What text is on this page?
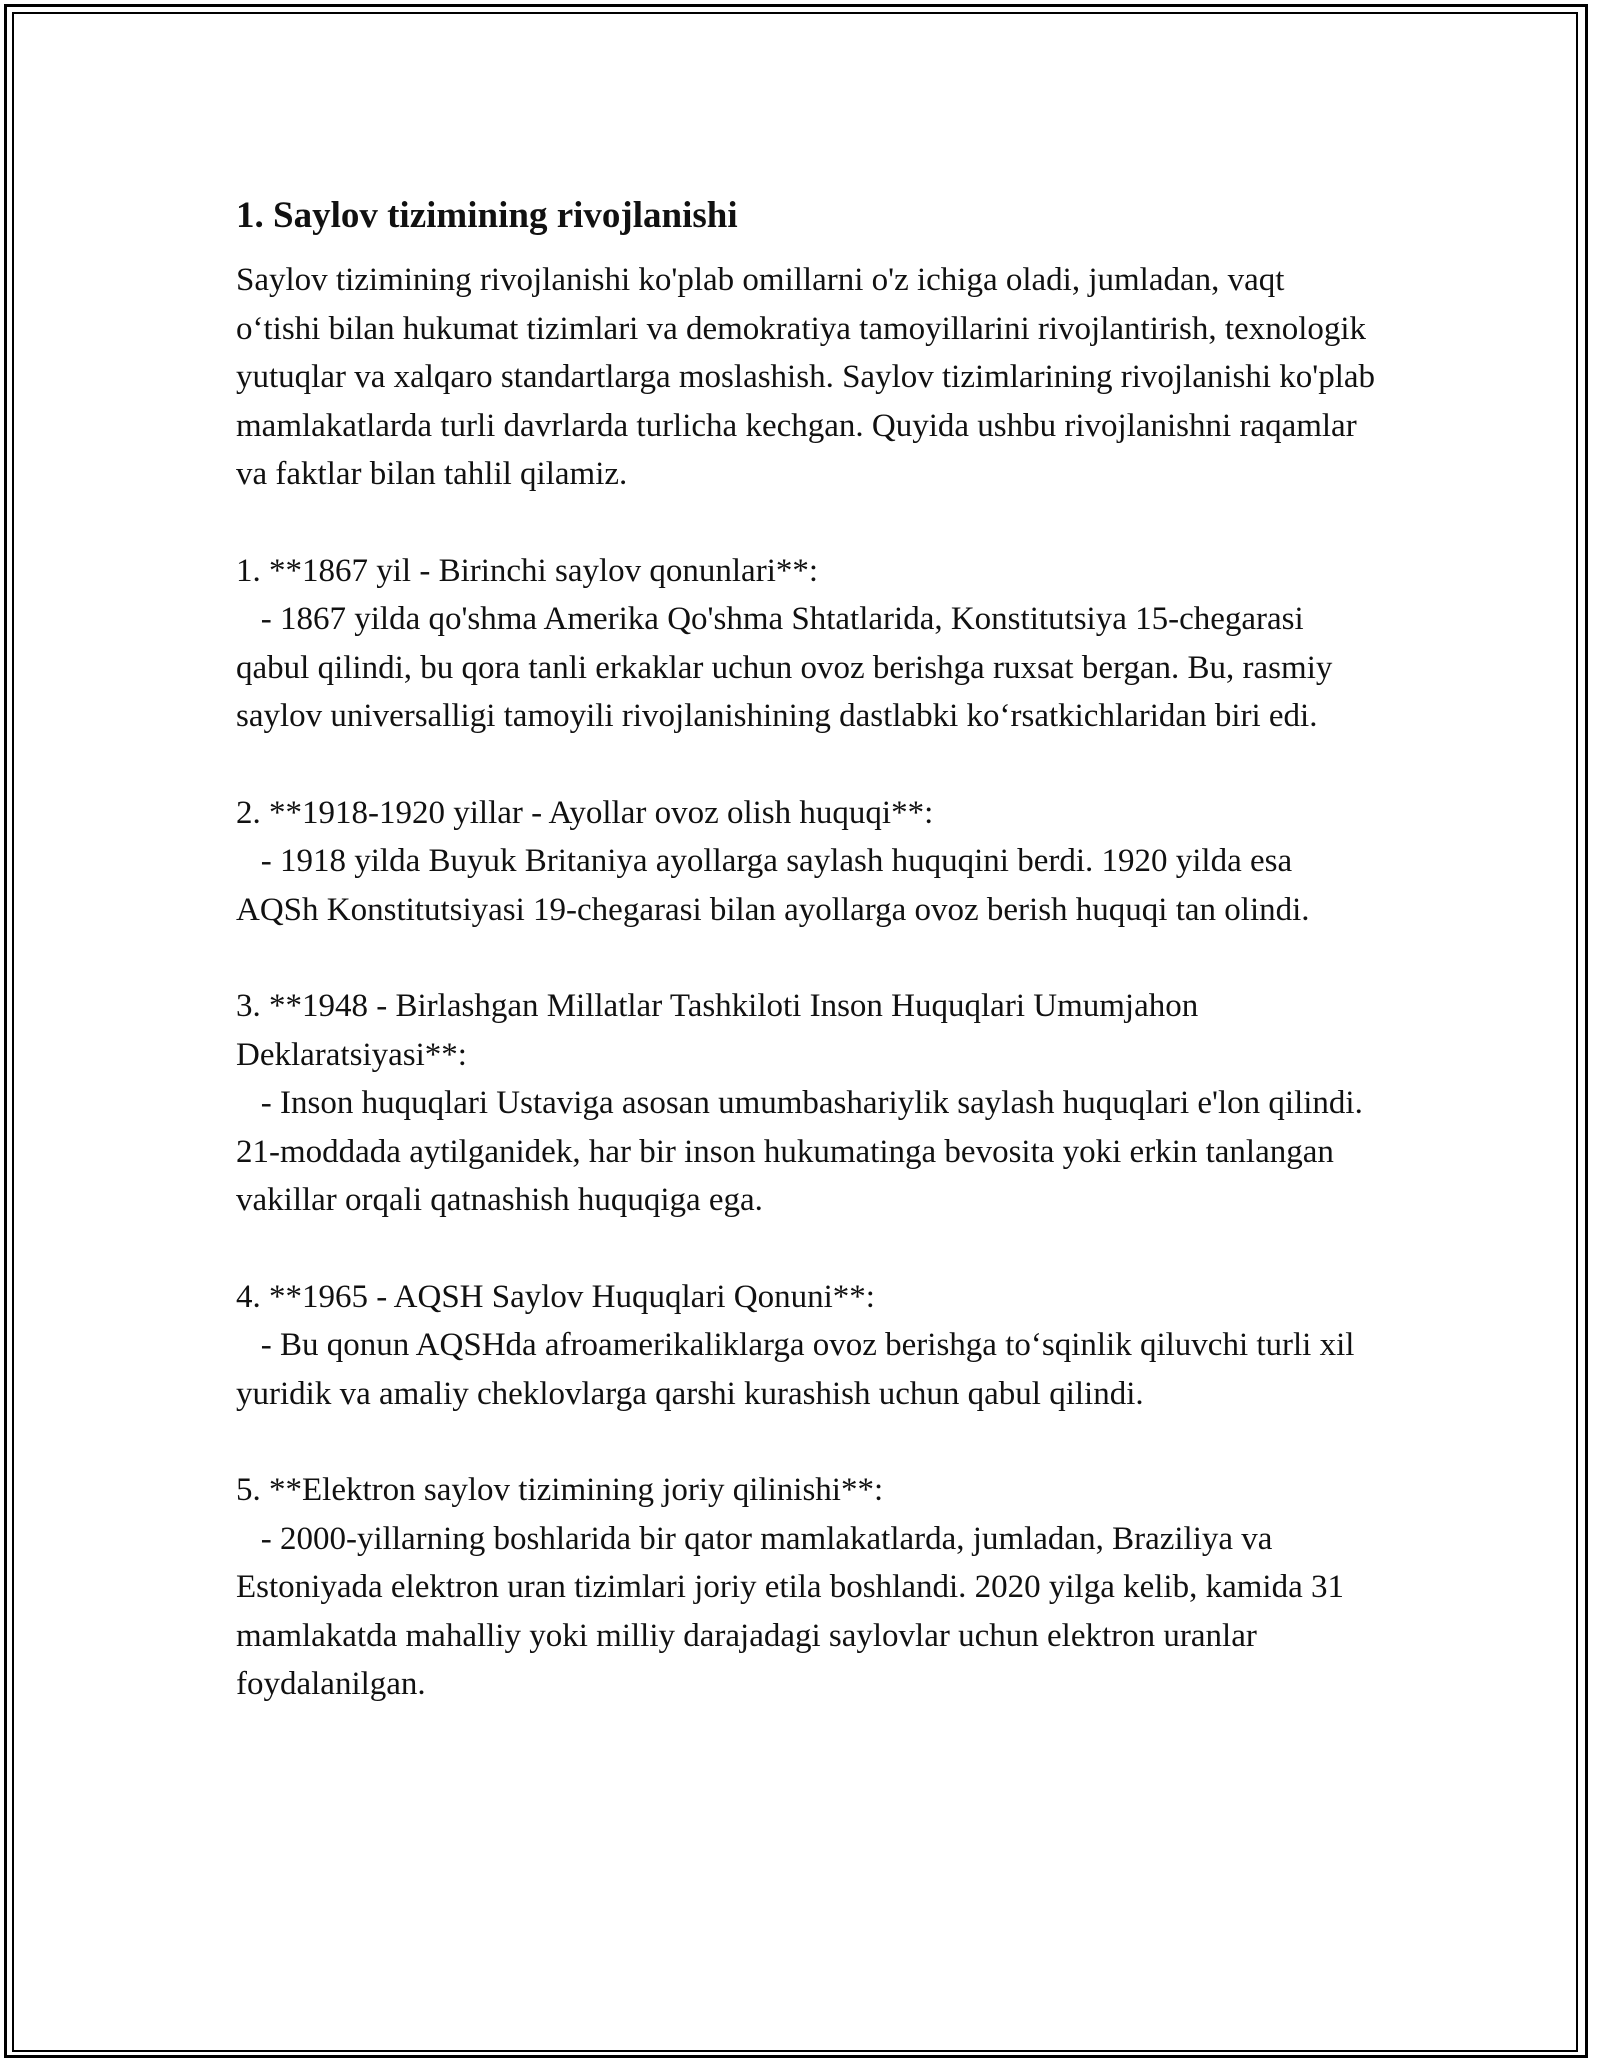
1. Saylov tizimining rivojlanishi

Saylov tizimining rivojlanishi ko'plab omillarni o'z ichiga oladi, jumladan, vaqt o‘tishi bilan hukumat tizimlari va demokratiya tamoyillarini rivojlantirish, texnologik yutuqlar va xalqaro standartlarga moslashish. Saylov tizimlarining rivojlanishi ko'plab mamlakatlarda turli davrlarda turlicha kechgan. Quyida ushbu rivojlanishni raqamlar va faktlar bilan tahlil qilamiz.

1. **1867 yil - Birinchi saylov qonunlari**:
- 1867 yilda qo'shma Amerika Qo'shma Shtatlarida, Konstitutsiya 15-chegarasi qabul qilindi, bu qora tanli erkaklar uchun ovoz berishga ruxsat bergan. Bu, rasmiy saylov universalligi tamoyili rivojlanishining dastlabki ko‘rsatkichlaridan biri edi.
2. **1918-1920 yillar - Ayollar ovoz olish huquqi**:
- 1918 yilda Buyuk Britaniya ayollarga saylash huquqini berdi. 1920 yilda esa AQSh Konstitutsiyasi 19-chegarasi bilan ayollarga ovoz berish huquqi tan olindi.
3. **1948 - Birlashgan Millatlar Tashkiloti Inson Huquqlari Umumjahon Deklaratsiyasi**:
- Inson huquqlari Ustaviga asosan umumbashariylik saylash huquqlari e'lon qilindi. 21-moddada aytilganidek, har bir inson hukumatinga bevosita yoki erkin tanlangan vakillar orqali qatnashish huquqiga ega.
4. **1965 - AQSH Saylov Huquqlari Qonuni**:
- Bu qonun AQSHda afroamerikaliklarga ovoz berishga to‘sqinlik qiluvchi turli xil yuridik va amaliy cheklovlarga qarshi kurashish uchun qabul qilindi.
5. **Elektron saylov tizimining joriy qilinishi**:
- 2000-yillarning boshlarida bir qator mamlakatlarda, jumladan, Braziliya va Estoniyada elektron uran tizimlari joriy etila boshlandi. 2020 yilga kelib, kamida 31 mamlakatda mahalliy yoki milliy darajadagi saylovlar uchun elektron uranlar foydalanilgan.
